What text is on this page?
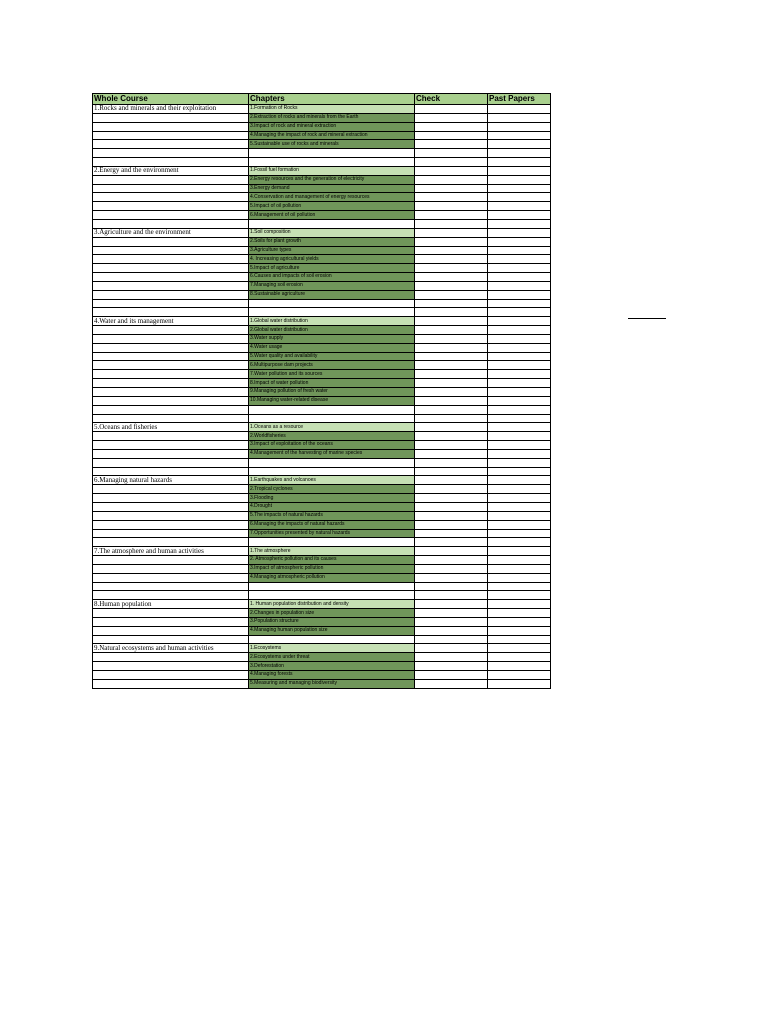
Whole Course	Chapters	Check	Past Papers
1.Rocks and minerals and their exploitation	1.Formation of Rocks		
	2.Extraction of rocks and minerals from the Earth		
	3.Impact of rock and mineral extraction		
	4.Managing the impact of rock and mineral extraction		
	5.Sustainable use of rocks and minerals		

2.Energy and the environment	1.Fossil fuel formation		
	2.Energy resources and the generation of electricity		
	3.Energy demand		
	4.Conservation and management of energy resources		
	5.Impact of oil pollution		
	6.Management of oil pollution		

3.Agriculture and the environment	1.Soil composition		
	2.Soils for plant growth		
	3.Agriculture types		
	4. Increasing agricultural yields		
	5.Impact of agriculture		
	6.Causes and impacts of soil erosion		
	7.Managing soil erosion		
	8.Sustainable agriculture		

4.Water and its management	1.Global water distribution		
	2.Global water distribution		
	3.Water supply		
	4.Water usage		
	5.Water quality and availability		
	6.Multipurpose dam projects		
	7.Water pollution and its sources		
	8.Impact of water pollution		
	9.Managing pollution of fresh water		
	10.Managing water-related disease		

5.Oceans and fisheries	1.Oceans as a resource		
	2.Worldfisheries		
	3.Impact of exploitation of the oceans		
	4.Management of the harvesting of marine species		

6.Managing natural hazards	1.Earthquakes and volcanoes		
	2.Tropical cyclones		
	3.Flooding		
	4.Drought		
	5.The impacts of natural hazards		
	6.Managing the impacts of natural hazards		
	7.Opportunities presented by natural hazards		

7.The atmosphere and human activities	1.The atmosphere		
	2. Atmospheric pollution and its causes		
	3.Impact of atmospheric pollution		
	4.Managing atmospheric pollution		

8.Human population	1. Human population distribution and density		
	2.Changes in population size		
	3.Population structure		
	4.Managing human population size		

9.Natural ecosystems and human activities	1.Ecosystems		
	2.Ecosystems under threat		
	3.Deforestation		
	4.Managing forests		
	5.Measuring and managing biodiversity		
